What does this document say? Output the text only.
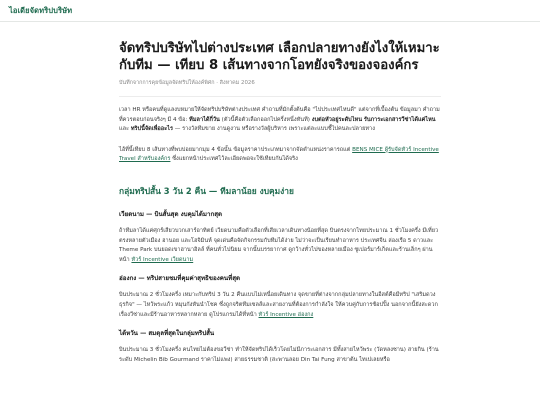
ไอเดียจัดทริปบริษัท
จัดทริปบริษัทไปต่างประเทศ เลือกปลายทางยังไงให้เหมาะกับทีม — เทียบ 8 เส้นทางจากโอทยังจริงของจองค์กร
บันทึกจากการคุยข้อมูลจัดทริปให้องค์พิศก · สิงหาคม 2026

เวลา HR หรือคนที่ดูแลงบหมายให้จัดทริปบริษัทต่างประเทศ คำถามที่มักตั้งต้นคือ "ไปประเทศไหนดี" แต่จากที่เบื้องต้น ข้อมูลมา คำถามที่ควรตอบก่อนจริงๆ มี 4 ข้อ: ทีมลาได้กี่วัน (ตัวนี้คือตัวเลือกออกไปครึ่งหนึ่งทันที) งบต่อหัวอยู่ระดับไหน รับภาระเอกสารวีซ่าได้แค่ไหน และ ทริปนี้จัดเพื่ออะไร — รางวัลทีมขาย งานดูงาน หรือรางวัลผู้บริหาร เพราะแต่ละแบบชี้ไปคนละปลายทาง

ไอ้ที่นี้เทียบ 8 เส้นทางที่พบบ่อยมากมุม 4 ข้อนั้น ข้อมูลราคาประเภทมาจากจัดตำแหน่งราคารถแต่ BENS MICE ผู้รับจัดทัวร์ Incentive Travel สำหรับองค์กร ซึ่งแยกหน้าประเทศไว้ละเอียดพอจะใช้เทียบกันได้จริง

กลุ่มทริปสั้น 3 วัน 2 คืน — ทีมลาน้อย งบคุมง่าย
เวียดนาม — บินสั้นสุด งบคุมได้มากสุด

ถ้าทีมลาได้แค่ศุกร์เสียวบวกเสาร์อาทิตย์ เวียดนามคือตัวเลือกที่เสียเวลาเดินทางน้อยที่สุด บินตรงจากไทยประมาณ 1 ชั่วโมงครึ่ง มีเที่ยวตรงหลายตัวเมือง ฮานอย และโฮจิมินห์ จุดเด่นคือจัดกิจกรรมกับทีมได้ง่าย ไม่ว่าจะเป็นเรียนทำอาหาร ประเทศจีน ล่องเรือ 5 ดาวและ Theme Park บนยอดเขาฮานาฮิลล์ ที่คนทั่วไปนิยม จากนั้นบรรยากาศ ดูกว้างทั่วไปของหลายเมือง ซูเปอร์มาร์เก็ตและร้านเล็กๆ ผ่านหน้า ทัวร์ Incentive เวียดนาม

ฮ่องกง — ทริปสายชมที่คุมค่าสุทธิของคนที่สุด

บินประมาณ 2 ชั่วโมงครึ่ง เหมาะกับทริป 3 วัน 2 คืนแบบไม่เหนื่อยเดินทาง จุดขายที่ต่างจากกลุ่มปลายทางในอีสต์คือมีทริป "เสริมดวงธุรกิจ" — ไหว้พระแก้ว หมุนกังหันนำโชค ซึ่งถูกจริตทีมเซลส์และสายงานที่ต้องการกำลังใจ ให้ควบคู่กับการช้อปปิ้ง นอกจากนี้ยังสะดวกเรื่องวีซ่าและมีร้านอาหารหลากหลาย ดูโปรแกรมได้ที่หน้า ทัวร์ Incentive ฮ่องกง

ไต้หวัน — สมดุลที่สุดในกลุ่มทริปสั้น

บินประมาณ 3 ชั่วโมงครึ่ง คนไทยไม่ต้องขอวีซ่า ทำให้จัดทริปได้เร็วโดยไม่มีภาระเอกสาร มีทั้งสายไหว้พระ (วัดหลงซาน) สายกิน (ร้านระดับ Michelin Bib Gourmand ราคาไม่แพง) สายธรรมชาติ (สะพานลอย Din Tai Fung สาขาต้น ไทเปเลยหรือ
